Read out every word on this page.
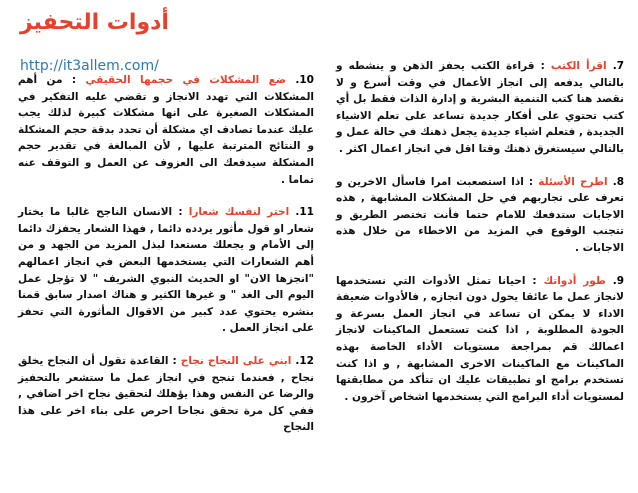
أدوات التحفيز
http://it3allem.com/	7. اقرأ الكتب : قراءة الكتب يحفز الذهن و ينشطه و بالتالي يدفعه إلى انجاز الأعمال في وقت أسرع و لا نقصد هنا كتب التنمية البشرية و إدارة الذات فقط بل أي كتب تحتوي على أفكار جديدة تساعد على تعلم الاشياء الجديدة , فتعلم اشياء جديدة يجعل ذهنك في حالة عمل و بالتالي سيستغرق ذهنك وقتا اقل في انجاز اعمال اكثر .
8. اطرح الأسئلة : اذا استصعبت امرا فاسأل الاخرين و تعرف على تجاربهم في حل المشكلات المشابهة , هذه الاجابات ستدفعك للامام حتما فأنت تختصر الطريق و تتجنب الوقوع في المزيد من الاخطاء من خلال هذه الاجابات .
9. طور أدواتك : احيانا تمثل الأدوات التي نستخدمها لانجاز عمل ما عائقا يحول دون انجازه , فالأدوات ضعيفة الاداء لا يمكن ان تساعد في انجاز العمل بسرعة و الجودة المطلوبة , اذا كنت تستعمل الماكينات لانجاز اعمالك قم بمراجعة مستويات الأداء الخاصة بهذه الماكينات مع الماكينات الاخرى المشابهة , و اذا كنت تستخدم برامج او تطبيقات عليك ان تتأكد من مطابقتها لمستويات أداء البرامج التي يستخدمها اشخاص آخرون .
10. ضع المشكلات في حجمها الحقيقي : من أهم المشكلات التي تهدد الانجاز و تقضي عليه التفكير في المشكلات الصغيرة على انها مشكلات كبيرة لذلك يجب عليك عندما تصادف اي مشكلة أن تحدد بدقة حجم المشكلة و النتائج المترتبة عليها , لأن المبالغة في تقدير حجم المشكلة سيدفعك الى العزوف عن العمل و التوقف عنه تماما .
11. اختر لنفسك شعارا : الانسان الناجح غالبا ما يختار شعار او قول مأثور يردده دائما , فهذا الشعار يحفزك دائما إلى الأمام و يجعلك مستعدا لبذل المزيد من الجهد و من أهم الشعارات التي يستخدمها البعض في انجاز اعمالهم "انجزها الان" او الحديث النبوي الشريف " لا تؤجل عمل اليوم الى الغد " و غيرها الكثير و هناك اصدار سابق قمنا بنشره يحتوي عدد كبير من الاقوال المأثورة التي تحفز على انجاز العمل .
12. ابني على النجاح نجاح : القاعدة تقول أن النجاح يخلق نجاح , فعندما تنجح في انجاز عمل ما ستشعر بالتحفيز والرضا عن النفس وهذا يؤهلك لتحقيق نجاح اخر اضافي , ففي كل مرة تحقق نجاحا احرص على بناء اخر على هذا النجاح
